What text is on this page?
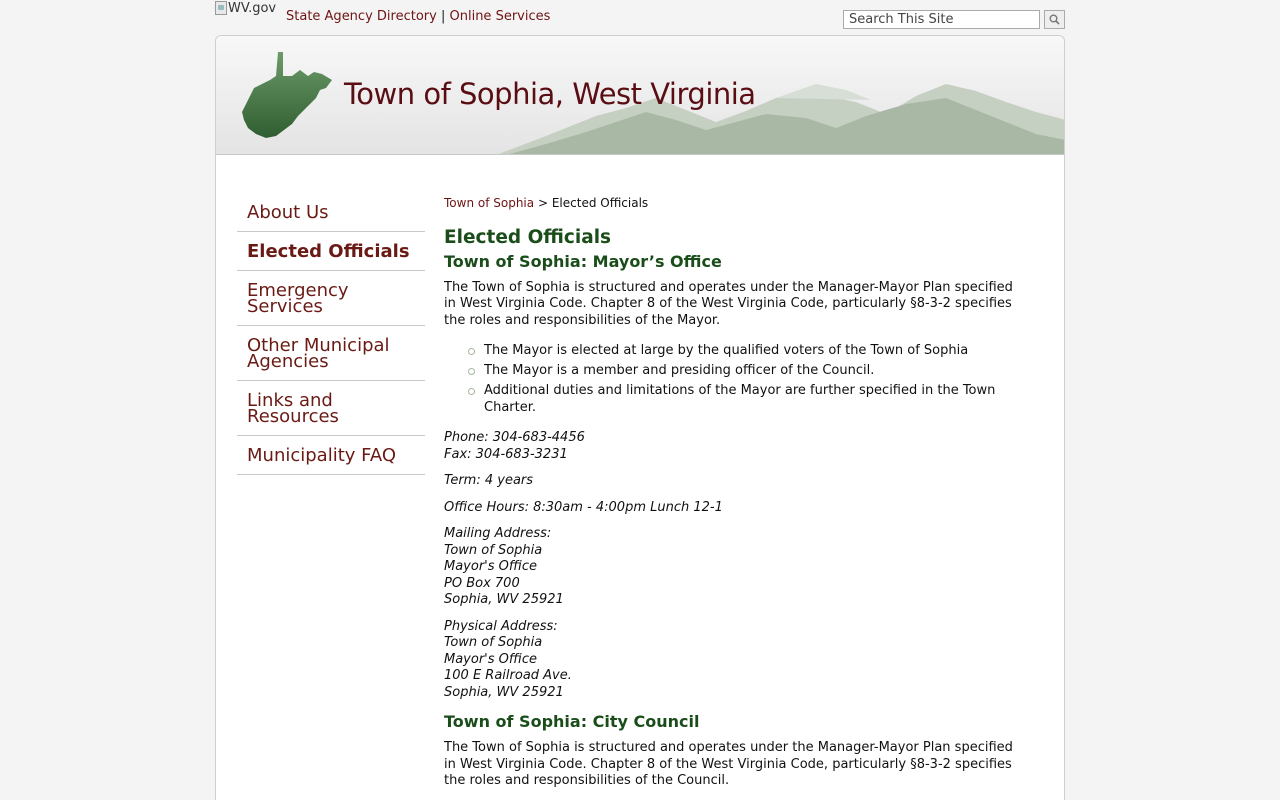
WV.gov
State Agency Directory | Online Services
Search This Site
Town of Sophia, West Virginia
About Us
Elected Officials
Emergency Services
Other Municipal Agencies
Links and Resources
Municipality FAQ
Town of Sophia > Elected Officials
Elected Officials
Town of Sophia: Mayor’s Office

The Town of Sophia is structured and operates under the Manager-Mayor Plan specified in West Virginia Code. Chapter 8 of the West Virginia Code, particularly §8-3-2 specifies the roles and responsibilities of the Mayor.

The Mayor is elected at large by the qualified voters of the Town of Sophia
The Mayor is a member and presiding officer of the Council.
Additional duties and limitations of the Mayor are further specified in the Town Charter.
Phone: 304-683-4456
Fax: 304-683-3231

Term: 4 years

Office Hours: 8:30am - 4:00pm Lunch 12-1

Mailing Address:
Town of Sophia
Mayor's Office
PO Box 700
Sophia, WV 25921

Physical Address:
Town of Sophia
Mayor's Office
100 E Railroad Ave.
Sophia, WV 25921

Town of Sophia: City Council

The Town of Sophia is structured and operates under the Manager-Mayor Plan specified in West Virginia Code. Chapter 8 of the West Virginia Code, particularly §8-3-2 specifies the roles and responsibilities of the Council.
